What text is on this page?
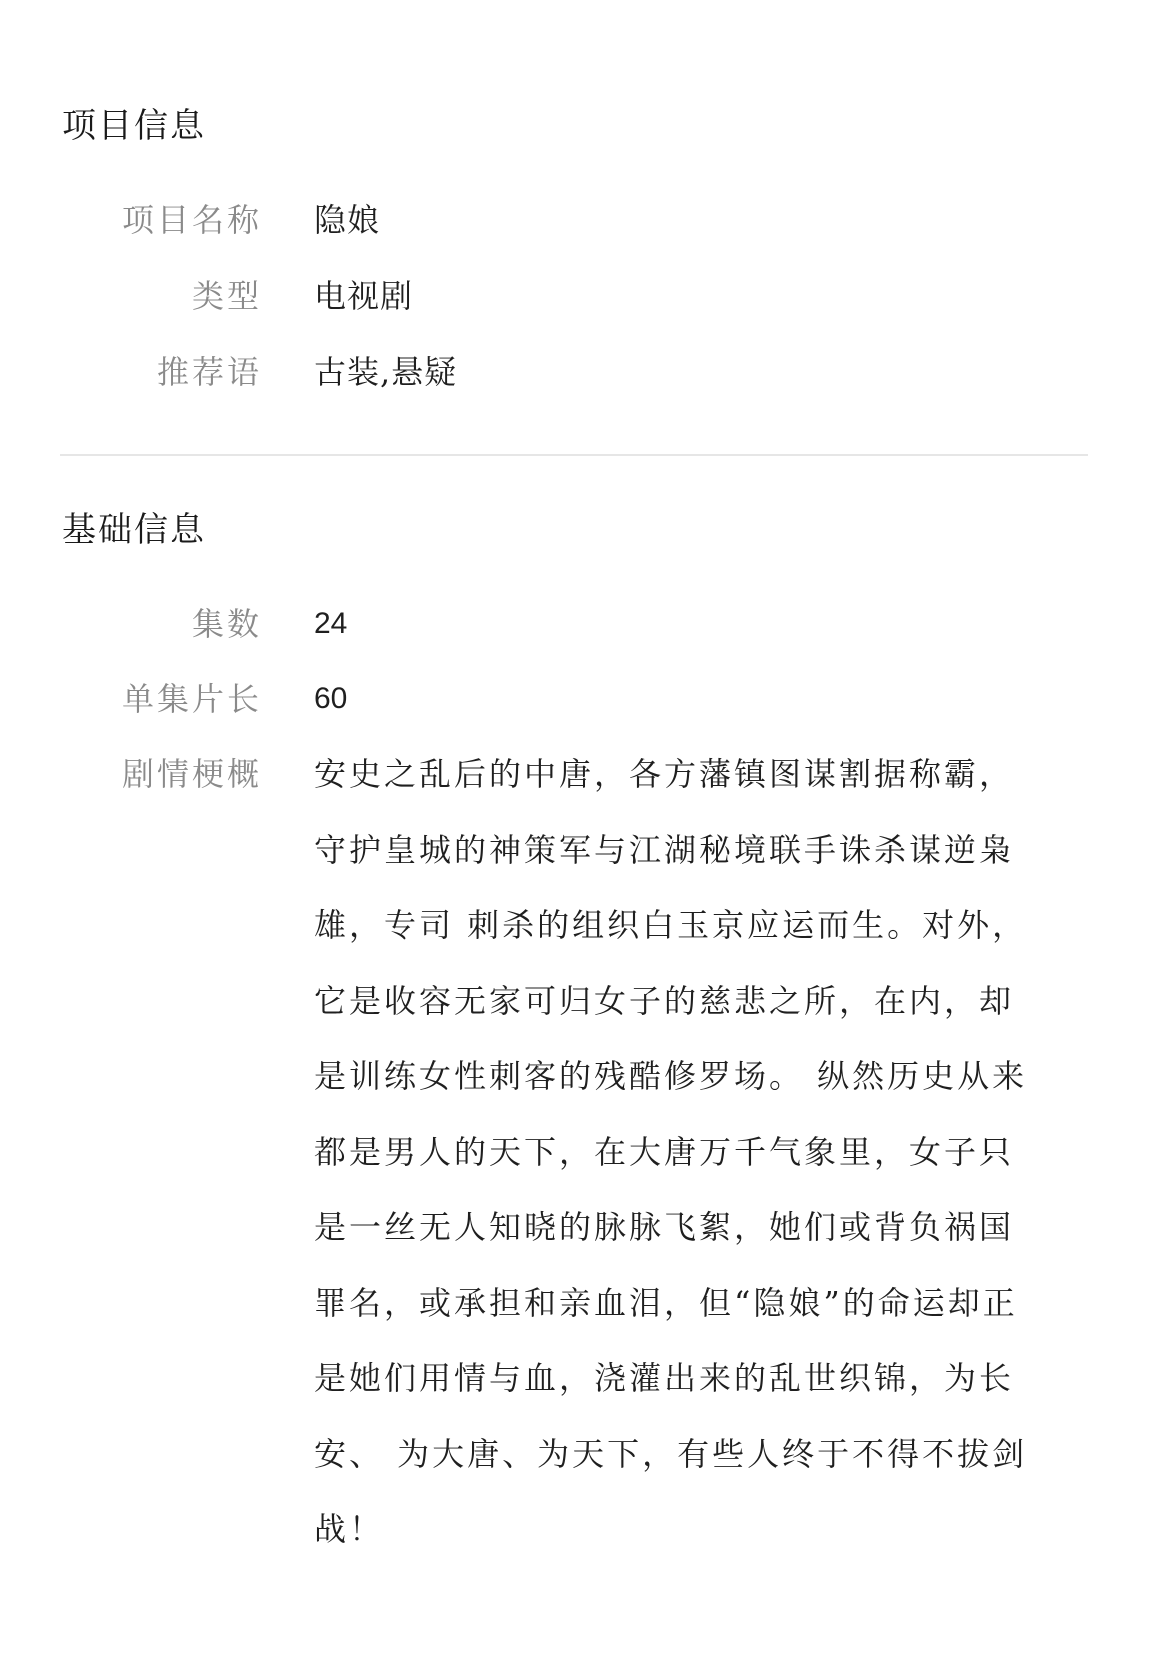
项目信息
项目名称 隐娘
类型 电视剧
推荐语 古装,悬疑
基础信息
集数 24
单集片长 60
剧情梗概 安史之乱后的中唐，各方藩镇图谋割据称霸，守护皇城的神策军与江湖秘境联手诛杀谋逆枭雄，专司 刺杀的组织白玉京应运而生。对外，它是收容无家可归女子的慈悲之所，在内，却是训练女性刺客的残酷修罗场。 纵然历史从来都是男人的天下，在大唐万千气象里，女子只是一丝无人知晓的脉脉飞絮，她们或背负祸国罪名，或承担和亲血泪，但“隐娘”的命运却正是她们用情与血，浇灌出来的乱世织锦，为长安、 为大唐、为天下，有些人终于不得不拔剑战！
